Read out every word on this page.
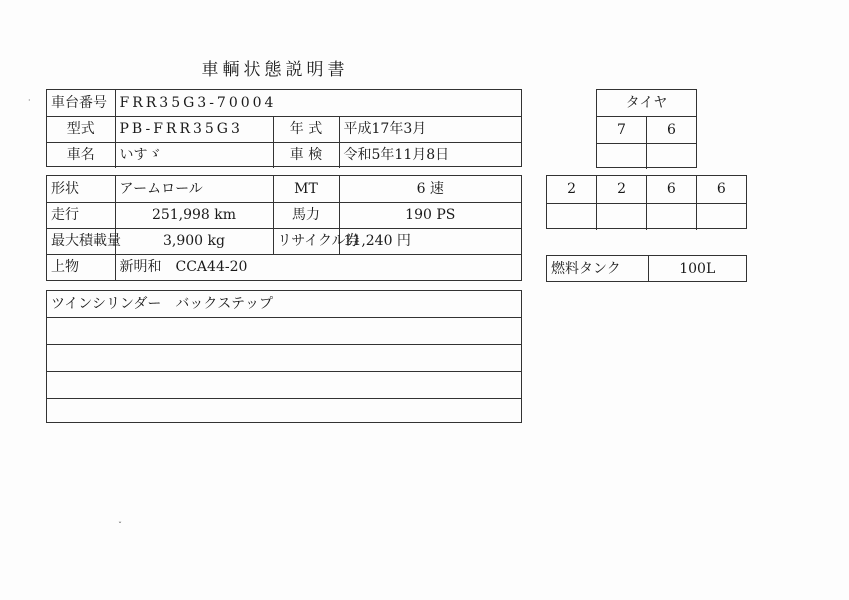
車輌状態説明書
車台番号	FRR35G3-70004		
型式	PB-FRR35G3	年 式	平成17年3月
車名	いすゞ	車 検	令和5年11月8日
形状	アームロール	MT	6 速
走行	251,998 km	馬力	190 PS
最大積載量	3,900 kg	リサイクル券	11,240 円
上物	新明和　CCA44-20		
ツインシリンダー　バックステップ

タイヤ	
7	6

2	2	6	6

燃料タンク	100L
·
ˇ
